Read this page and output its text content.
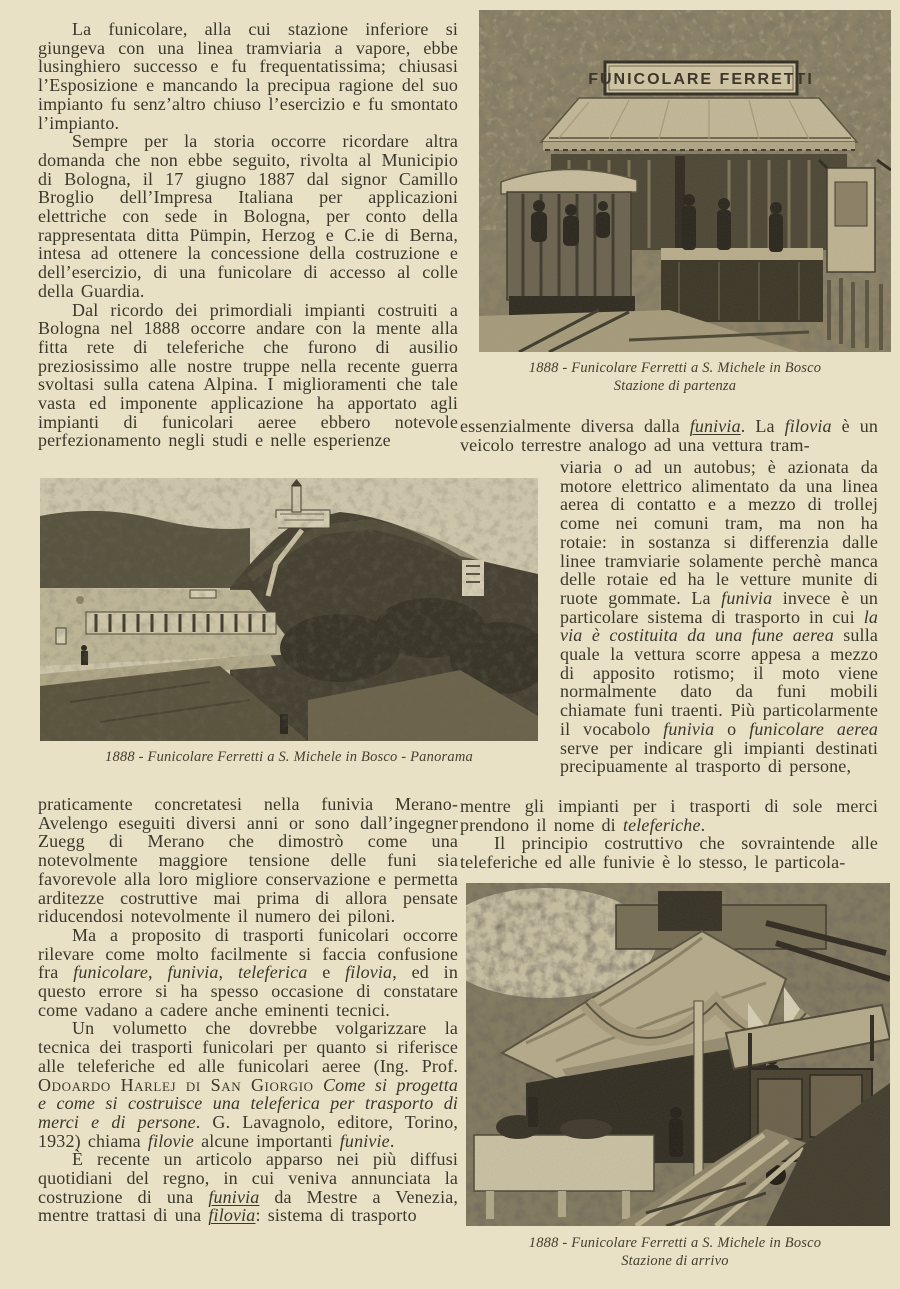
La funicolare, alla cui stazione inferiore si giungeva con una linea tramviaria a vapore, ebbe lusinghiero successo e fu frequentatissima; chiusasi l’Esposizione e mancando la precipua ragione del suo impianto fu senz’altro chiuso l’esercizio e fu smontato l’impianto.

Sempre per la storia occorre ricordare altra domanda che non ebbe seguito, rivolta al Municipio di Bologna, il 17 giugno 1887 dal signor Camillo Broglio dell’Impresa Italiana per applicazioni elettriche con sede in Bologna, per conto della rappresentata ditta Pümpin, Herzog e C.ie di Berna, intesa ad ottenere la concessione della costruzione e dell’esercizio, di una funicolare di accesso al colle della Guardia.

Dal ricordo dei primordiali impianti costruiti a Bologna nel 1888 occorre andare con la mente alla fitta rete di teleferiche che furono di ausilio preziosissimo alle nostre truppe nella recente guerra svoltasi sulla catena Alpina. I miglioramenti che tale vasta ed imponente applicazione ha apportato agli impianti di funicolari aeree ebbero notevole perfezionamento negli studi e nelle esperienze

1888 - Funicolare Ferretti a S. Michele in Bosco
Stazione di partenza

essenzialmente diversa dalla funivia. La filovia è un veicolo terrestre analogo ad una vettura tram-

viaria o ad un autobus; è azionata da motore elettrico alimentato da una linea aerea di contatto e a mezzo di trollej come nei comuni tram, ma non ha rotaie: in sostanza si differenzia dalle linee tramviarie solamente perchè manca delle rotaie ed ha le vetture munite di ruote gommate. La funivia invece è un particolare sistema di trasporto in cui la via è costituita da una fune aerea sulla quale la vettura scorre appesa a mezzo di apposito rotismo; il moto viene normalmente dato da funi mobili chiamate funi traenti. Più particolarmente il vocabolo funivia o funicolare aerea serve per indicare gli impianti destinati precipuamente al trasporto di persone,

mentre gli impianti per i trasporti di sole merci prendono il nome di teleferiche.

Il principio costruttivo che sovraintende alle teleferiche ed alle funivie è lo stesso, le particola-

1888 - Funicolare Ferretti a S. Michele in Bosco - Panorama

praticamente concretatesi nella funivia Merano-Avelengo eseguiti diversi anni or sono dall’ingegner Zuegg di Merano che dimostrò come una notevolmente maggiore tensione delle funi sia favorevole alla loro migliore conservazione e permetta arditezze costruttive mai prima di allora pensate riducendosi notevolmente il numero dei piloni.

Ma a proposito di trasporti funicolari occorre rilevare come molto facilmente si faccia confusione fra funicolare, funivia, teleferica e filovia, ed in questo errore si ha spesso occasione di constatare come vadano a cadere anche eminenti tecnici.

Un volumetto che dovrebbe volgarizzare la tecnica dei trasporti funicolari per quanto si riferisce alle teleferiche ed alle funicolari aeree (Ing. Prof. Odoardo Harlej di San Giorgio Come si progetta e come si costruisce una teleferica per trasporto di merci e di persone. G. Lavagnolo, editore, Torino, 1932) chiama filovie alcune importanti funivie.

È recente un articolo apparso nei più diffusi quotidiani del regno, in cui veniva annunciata la costruzione di una funivia da Mestre a Venezia, mentre trattasi di una filovia: sistema di trasporto

1888 - Funicolare Ferretti a S. Michele in Bosco
Stazione di arrivo
